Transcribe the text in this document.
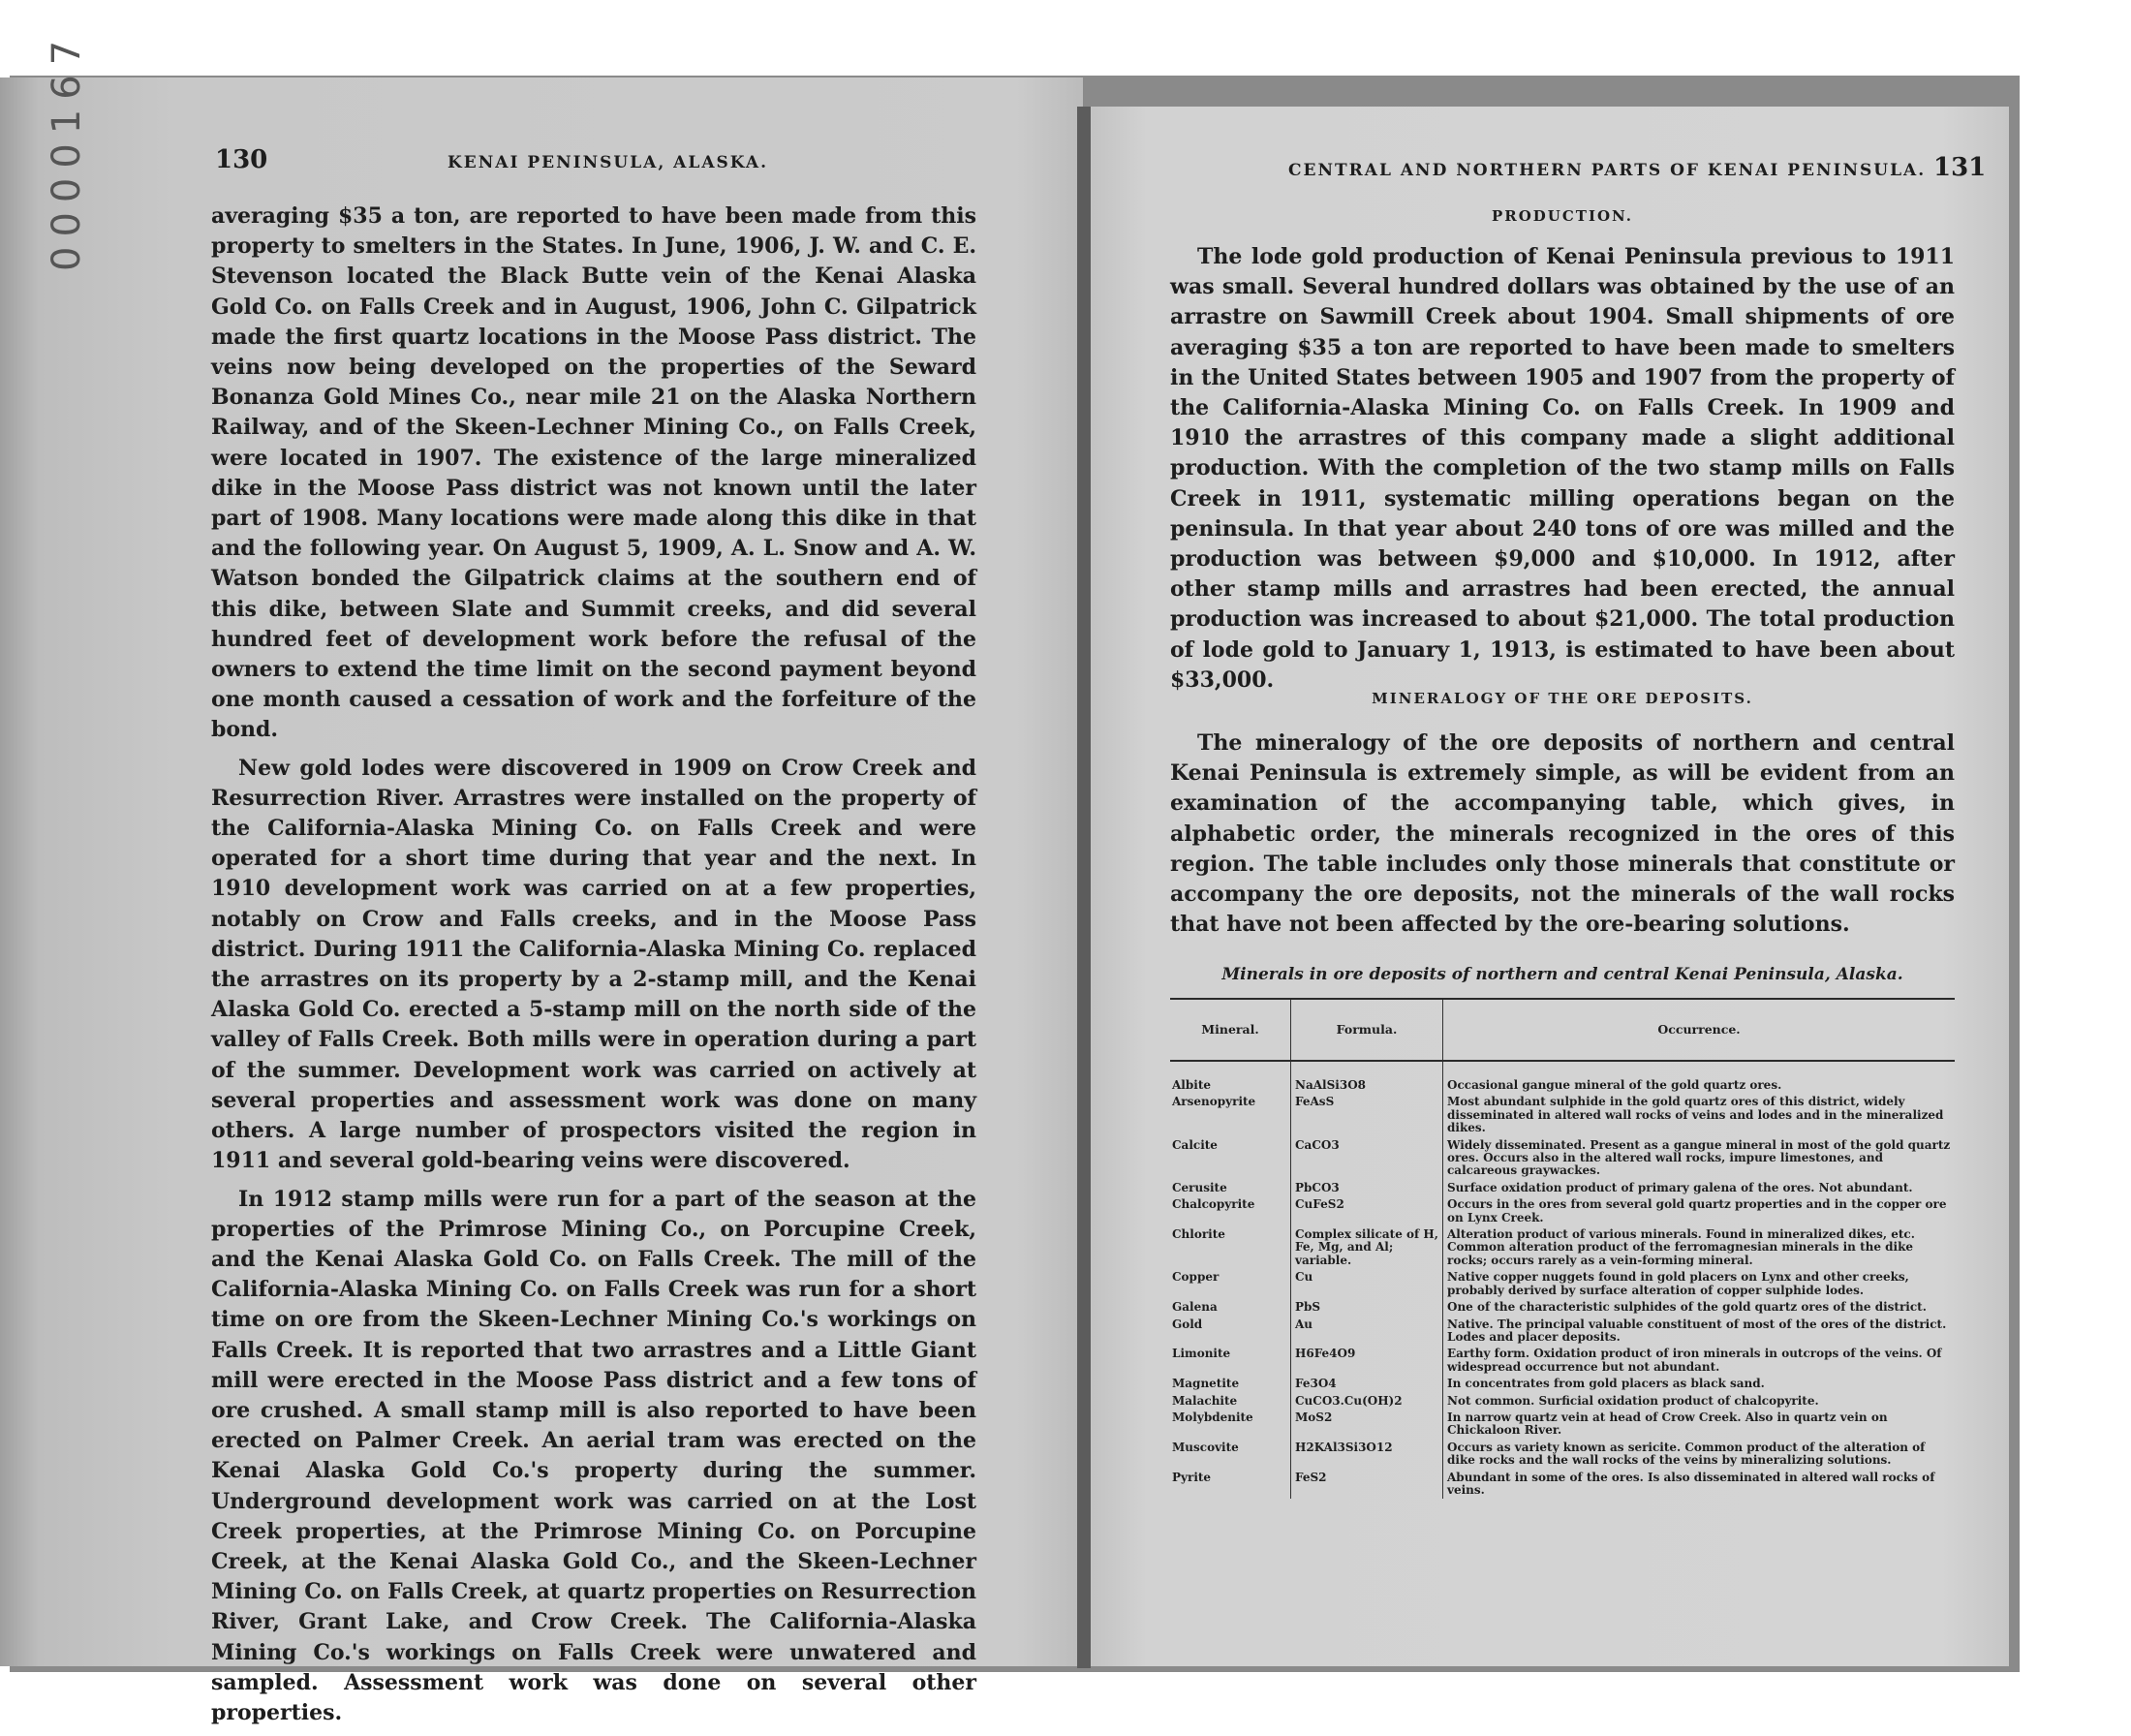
0000167	130	KENAI PENINSULA, ALASKA.

averaging $35 a ton, are reported to have been made from this property to smelters in the States. In June, 1906, J. W. and C. E. Stevenson located the Black Butte vein of the Kenai Alaska Gold Co. on Falls Creek and in August, 1906, John C. Gilpatrick made the first quartz locations in the Moose Pass district. The veins now being developed on the properties of the Seward Bonanza Gold Mines Co., near mile 21 on the Alaska Northern Railway, and of the Skeen-Lechner Mining Co., on Falls Creek, were located in 1907. The existence of the large mineralized dike in the Moose Pass district was not known until the later part of 1908. Many locations were made along this dike in that and the following year. On August 5, 1909, A. L. Snow and A. W. Watson bonded the Gilpatrick claims at the southern end of this dike, between Slate and Summit creeks, and did several hundred feet of development work before the refusal of the owners to extend the time limit on the second payment beyond one month caused a cessation of work and the forfeiture of the bond.

New gold lodes were discovered in 1909 on Crow Creek and Resurrection River. Arrastres were installed on the property of the California-Alaska Mining Co. on Falls Creek and were operated for a short time during that year and the next. In 1910 development work was carried on at a few properties, notably on Crow and Falls creeks, and in the Moose Pass district. During 1911 the California-Alaska Mining Co. replaced the arrastres on its property by a 2-stamp mill, and the Kenai Alaska Gold Co. erected a 5-stamp mill on the north side of the valley of Falls Creek. Both mills were in operation during a part of the summer. Development work was carried on actively at several properties and assessment work was done on many others. A large number of prospectors visited the region in 1911 and several gold-bearing veins were discovered.

In 1912 stamp mills were run for a part of the season at the properties of the Primrose Mining Co., on Porcupine Creek, and the Kenai Alaska Gold Co. on Falls Creek. The mill of the California-Alaska Mining Co. on Falls Creek was run for a short time on ore from the Skeen-Lechner Mining Co.'s workings on Falls Creek. It is reported that two arrastres and a Little Giant mill were erected in the Moose Pass district and a few tons of ore crushed. A small stamp mill is also reported to have been erected on Palmer Creek. An aerial tram was erected on the Kenai Alaska Gold Co.'s property during the summer. Underground development work was carried on at the Lost Creek properties, at the Primrose Mining Co. on Porcupine Creek, at the Kenai Alaska Gold Co., and the Skeen-Lechner Mining Co. on Falls Creek, at quartz properties on Resurrection River, Grant Lake, and Crow Creek. The California-Alaska Mining Co.'s workings on Falls Creek were unwatered and sampled. Assessment work was done on several other properties.

CENTRAL AND NORTHERN PARTS OF KENAI PENINSULA. 131
PRODUCTION.

The lode gold production of Kenai Peninsula previous to 1911 was small. Several hundred dollars was obtained by the use of an arrastre on Sawmill Creek about 1904. Small shipments of ore averaging $35 a ton are reported to have been made to smelters in the United States between 1905 and 1907 from the property of the California-Alaska Mining Co. on Falls Creek. In 1909 and 1910 the arrastres of this company made a slight additional production. With the completion of the two stamp mills on Falls Creek in 1911, systematic milling operations began on the peninsula. In that year about 240 tons of ore was milled and the production was between $9,000 and $10,000. In 1912, after other stamp mills and arrastres had been erected, the annual production was increased to about $21,000. The total production of lode gold to January 1, 1913, is estimated to have been about $33,000.

MINERALOGY OF THE ORE DEPOSITS.

The mineralogy of the ore deposits of northern and central Kenai Peninsula is extremely simple, as will be evident from an examination of the accompanying table, which gives, in alphabetic order, the minerals recognized in the ores of this region. The table includes only those minerals that constitute or accompany the ore deposits, not the minerals of the wall rocks that have not been affected by the ore-bearing solutions.

Minerals in ore deposits of northern and central Kenai Peninsula, Alaska.
Mineral.	Formula.	Occurrence.
Albite	NaAlSi3O8	Occasional gangue mineral of the gold quartz ores.
Arsenopyrite	FeAsS	Most abundant sulphide in the gold quartz ores of this district, widely disseminated in altered wall rocks of veins and lodes and in the mineralized dikes.
Calcite	CaCO3	Widely disseminated. Present as a gangue mineral in most of the gold quartz ores. Occurs also in the altered wall rocks, impure limestones, and calcareous graywackes.
Cerusite	PbCO3	Surface oxidation product of primary galena of the ores. Not abundant.
Chalcopyrite	CuFeS2	Occurs in the ores from several gold quartz properties and in the copper ore on Lynx Creek.
Chlorite	Complex silicate of H, Fe, Mg, and Al; variable.	Alteration product of various minerals. Found in mineralized dikes, etc. Common alteration product of the ferromagnesian minerals in the dike rocks; occurs rarely as a vein-forming mineral.
Copper	Cu	Native copper nuggets found in gold placers on Lynx and other creeks, probably derived by surface alteration of copper sulphide lodes.
Galena	PbS	One of the characteristic sulphides of the gold quartz ores of the district.
Gold	Au	Native. The principal valuable constituent of most of the ores of the district. Lodes and placer deposits.
Limonite	H6Fe4O9	Earthy form. Oxidation product of iron minerals in outcrops of the veins. Of widespread occurrence but not abundant.
Magnetite	Fe3O4	In concentrates from gold placers as black sand.
Malachite	CuCO3.Cu(OH)2	Not common. Surficial oxidation product of chalcopyrite.
Molybdenite	MoS2	In narrow quartz vein at head of Crow Creek. Also in quartz vein on Chickaloon River.
Muscovite	H2KAl3Si3O12	Occurs as variety known as sericite. Common product of the alteration of dike rocks and the wall rocks of the veins by mineralizing solutions.
Pyrite	FeS2	Abundant in some of the ores. Is also disseminated in altered wall rocks of veins.
